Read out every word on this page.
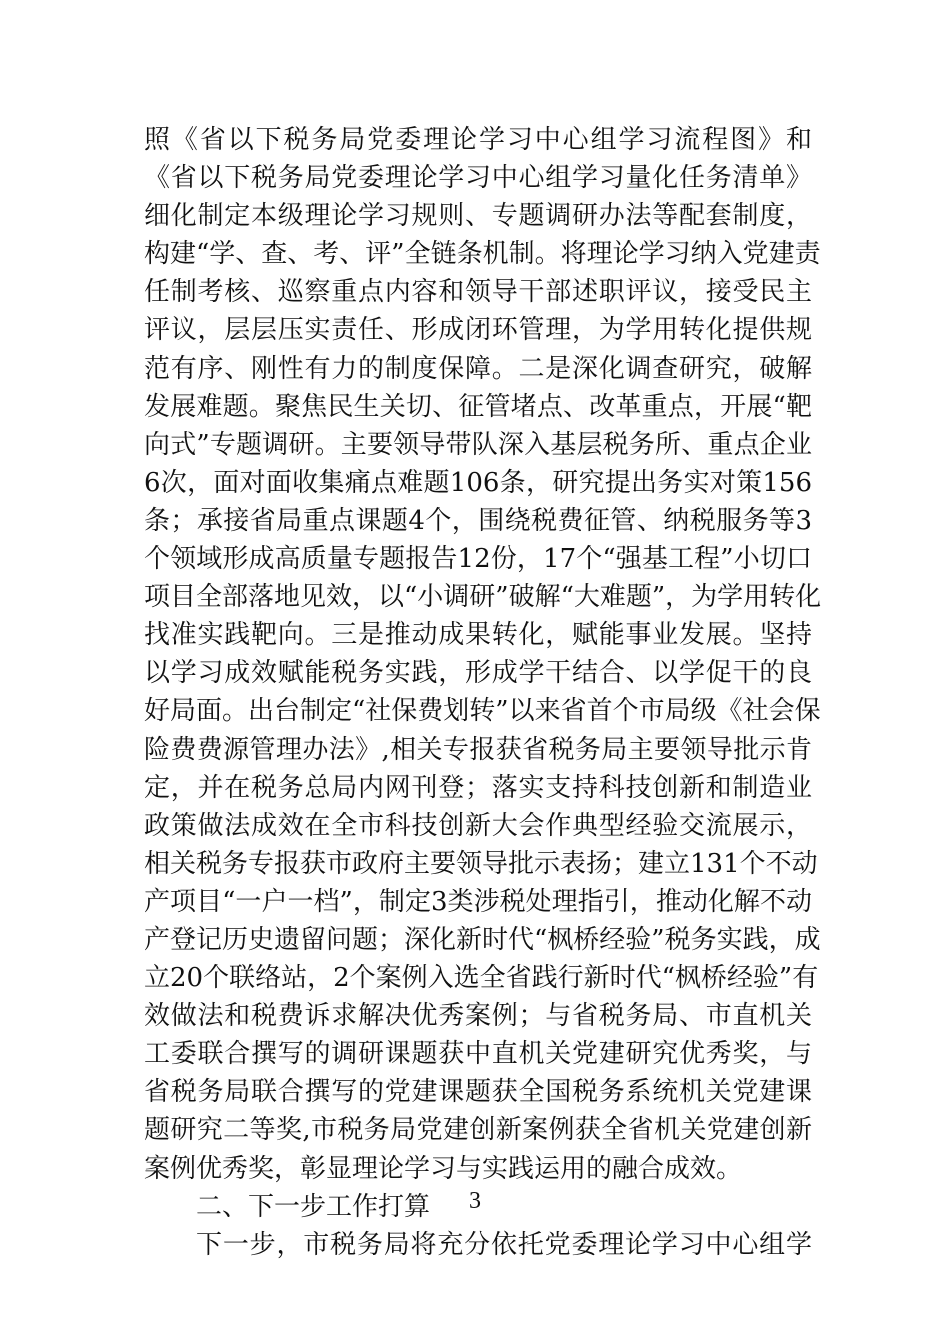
照《省以下税务局党委理论学习中心组学习流程图》和
《省以下税务局党委理论学习中心组学习量化任务清单》
细化制定本级理论学习规则、专题调研办法等配套制度，
构建“学、查、考、评”全链条机制。将理论学习纳入党建责
任制考核、巡察重点内容和领导干部述职评议，接受民主
评议，层层压实责任、形成闭环管理，为学用转化提供规
范有序、刚性有力的制度保障。二是深化调查研究，破解
发展难题。聚焦民生关切、征管堵点、改革重点，开展“靶
向式”专题调研。主要领导带队深入基层税务所、重点企业
6次，面对面收集痛点难题106条，研究提出务实对策156
条；承接省局重点课题4个，围绕税费征管、纳税服务等3
个领域形成高质量专题报告12份，17个“强基工程”小切口
项目全部落地见效，以“小调研”破解“大难题”，为学用转化
找准实践靶向。三是推动成果转化，赋能事业发展。坚持
以学习成效赋能税务实践，形成学干结合、以学促干的良
好局面。出台制定“社保费划转”以来省首个市局级《社会保
险费费源管理办法》,相关专报获省税务局主要领导批示肯
定，并在税务总局内网刊登；落实支持科技创新和制造业
政策做法成效在全市科技创新大会作典型经验交流展示，
相关税务专报获市政府主要领导批示表扬；建立131个不动
产项目“一户一档”，制定3类涉税处理指引，推动化解不动
产登记历史遗留问题；深化新时代“枫桥经验”税务实践，成
立20个联络站，2个案例入选全省践行新时代“枫桥经验”有
效做法和税费诉求解决优秀案例；与省税务局、市直机关
工委联合撰写的调研课题获中直机关党建研究优秀奖，与
省税务局联合撰写的党建课题获全国税务系统机关党建课
题研究二等奖,市税务局党建创新案例获全省机关党建创新
案例优秀奖，彰显理论学习与实践运用的融合成效。
二、下一步工作打算
下一步，市税务局将充分依托党委理论学习中心组学
3
